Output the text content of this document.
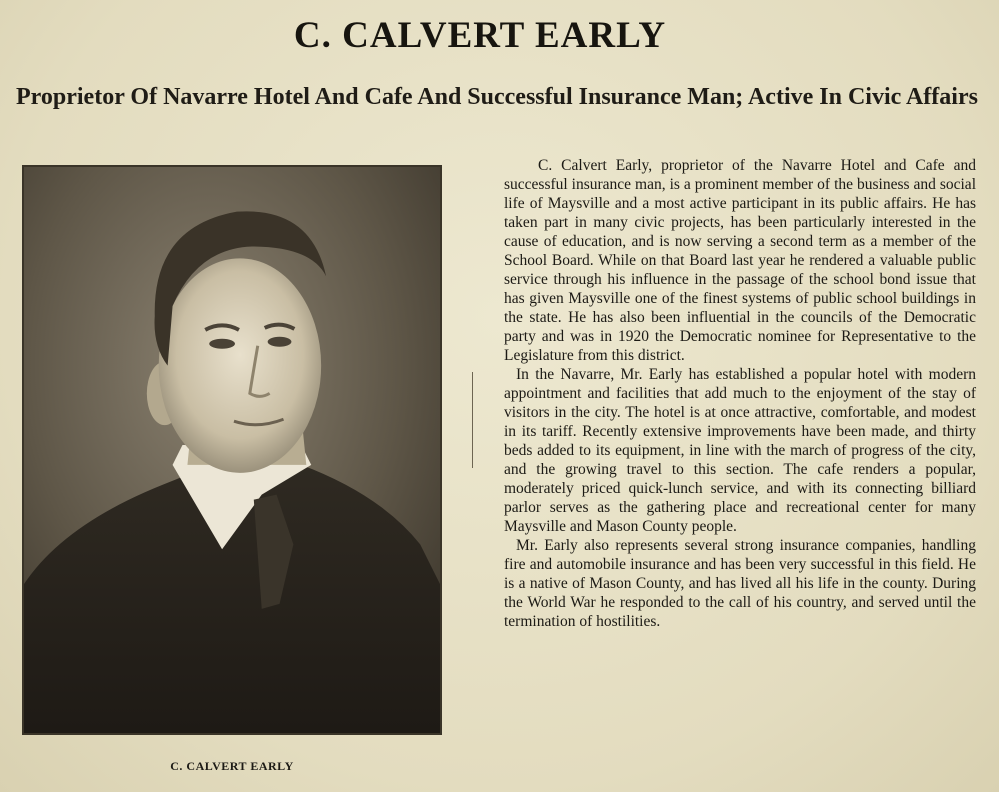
C. CALVERT EARLY
Proprietor Of Navarre Hotel And Cafe And Successful Insurance Man; Active In Civic Affairs
C. CALVERT EARLY

C. Calvert Early, proprietor of the Navarre Hotel and Cafe and successful insurance man, is a prominent member of the business and social life of Maysville and a most active participant in its public affairs. He has taken part in many civic projects, has been particularly interested in the cause of education, and is now serving a second term as a member of the School Board. While on that Board last year he rendered a valuable public service through his influence in the passage of the school bond issue that has given Maysville one of the finest systems of public school buildings in the state. He has also been influential in the councils of the Democratic party and was in 1920 the Democratic nominee for Representative to the Legislature from this district.

In the Navarre, Mr. Early has established a popular hotel with modern appointment and facilities that add much to the enjoyment of the stay of visitors in the city. The hotel is at once attractive, comfortable, and modest in its tariff. Recently extensive improvements have been made, and thirty beds added to its equipment, in line with the march of progress of the city, and the growing travel to this section. The cafe renders a popular, moderately priced quick-lunch service, and with its connecting billiard parlor serves as the gathering place and recreational center for many Maysville and Mason County people.

Mr. Early also represents several strong insurance companies, handling fire and automobile insurance and has been very successful in this field. He is a native of Mason County, and has lived all his life in the county. During the World War he responded to the call of his country, and served until the termination of hostilities.
